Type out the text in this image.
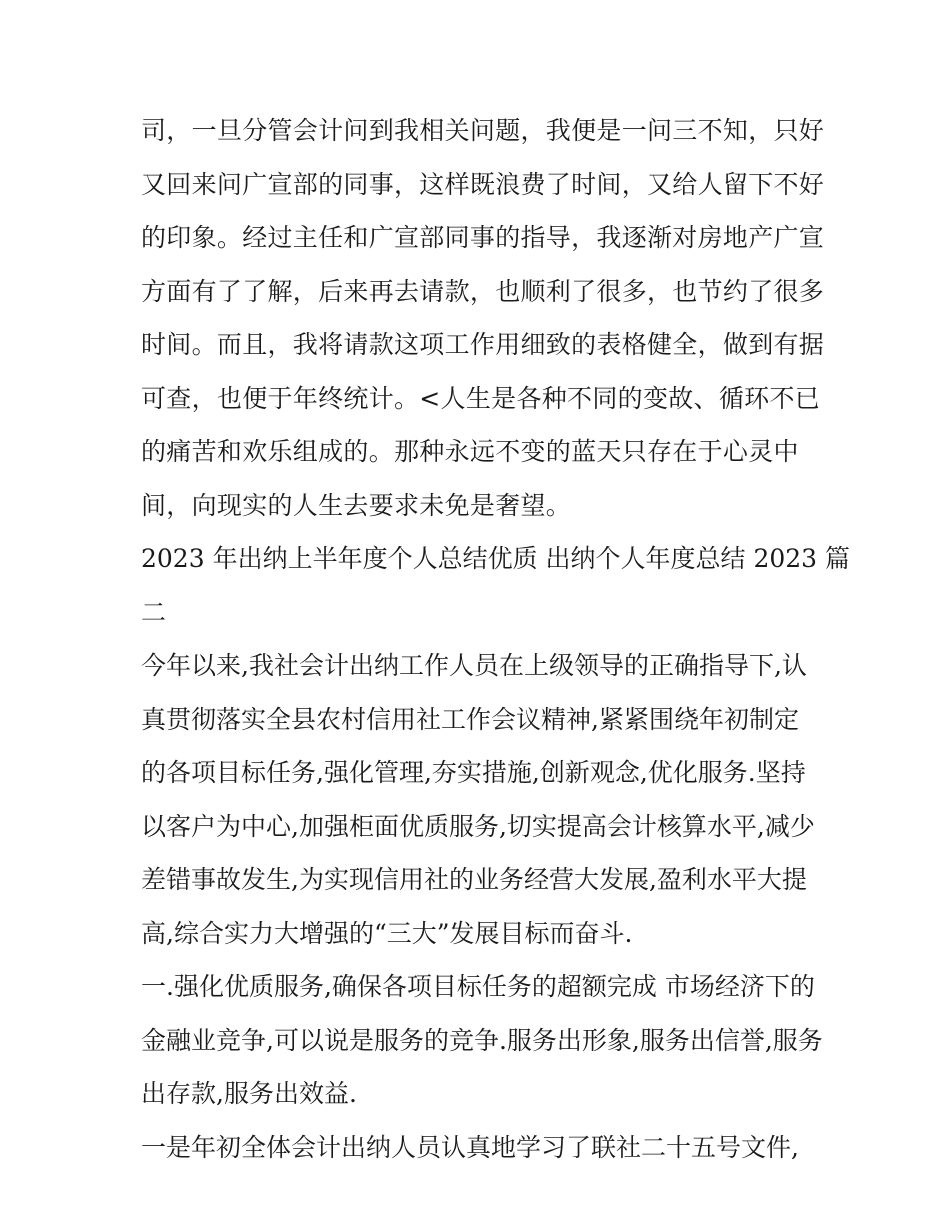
司，一旦分管会计问到我相关问题，我便是一问三不知，只好
又回来问广宣部的同事，这样既浪费了时间，又给人留下不好
的印象。经过主任和广宣部同事的指导，我逐渐对房地产广宣
方面有了了解，后来再去请款，也顺利了很多，也节约了很多
时间。而且，我将请款这项工作用细致的表格健全，做到有据
可查，也便于年终统计。<人生是各种不同的变故、循环不已
的痛苦和欢乐组成的。那种永远不变的蓝天只存在于心灵中
间，向现实的人生去要求未免是奢望。
2023 年出纳上半年度个人总结优质 出纳个人年度总结 2023 篇
二
今年以来,我社会计出纳工作人员在上级领导的正确指导下,认
真贯彻落实全县农村信用社工作会议精神,紧紧围绕年初制定
的各项目标任务,强化管理,夯实措施,创新观念,优化服务.坚持
以客户为中心,加强柜面优质服务,切实提高会计核算水平,减少
差错事故发生,为实现信用社的业务经营大发展,盈利水平大提
高,综合实力大增强的“三大”发展目标而奋斗.
一.强化优质服务,确保各项目标任务的超额完成 市场经济下的
金融业竞争,可以说是服务的竞争.服务出形象,服务出信誉,服务
出存款,服务出效益.
一是年初全体会计出纳人员认真地学习了联社二十五号文件,
